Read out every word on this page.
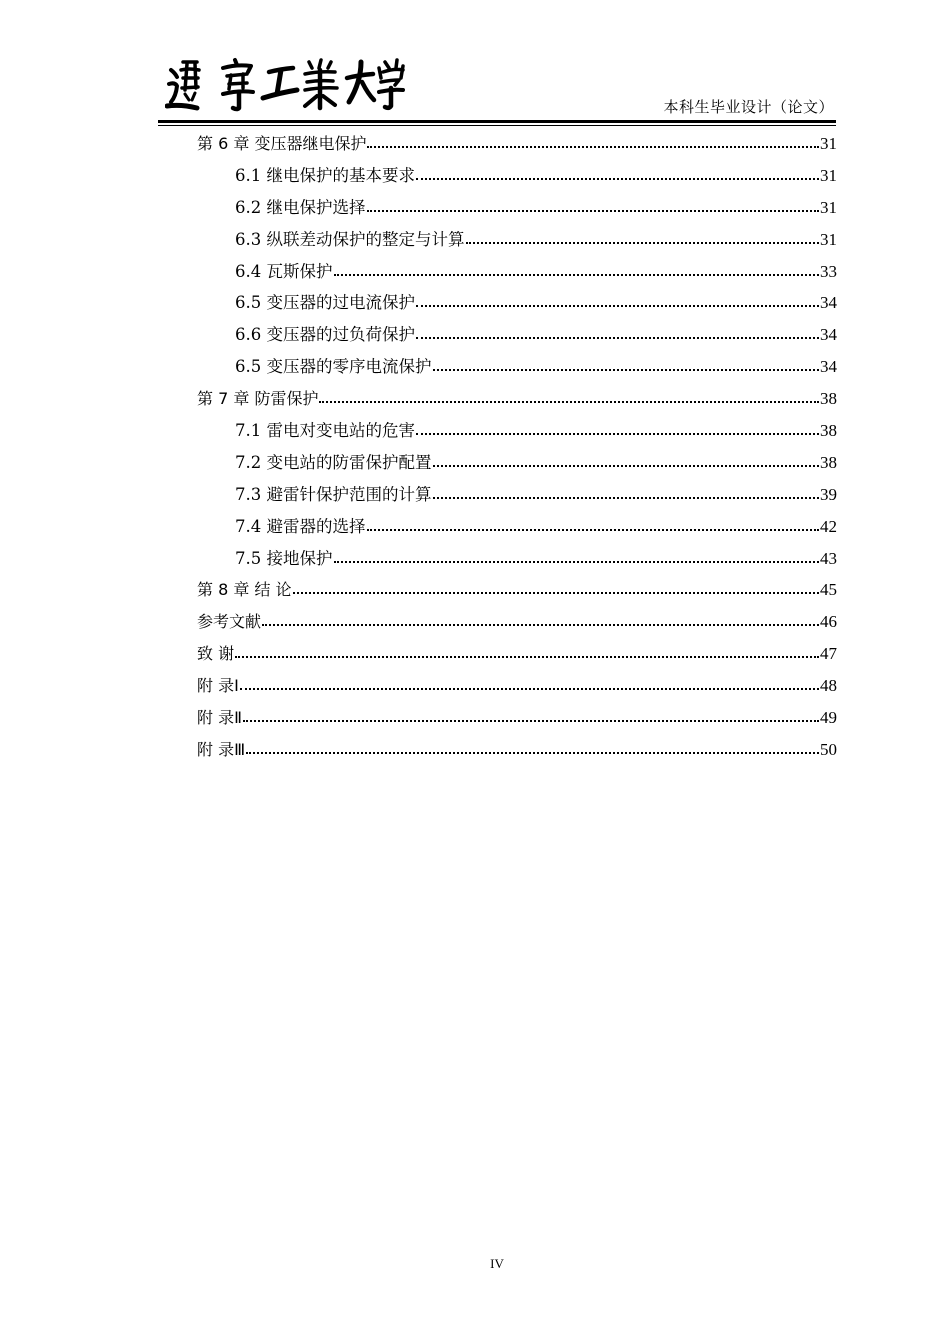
本科生毕业设计（论文）
第 6 章 变压器继电保护	31
6.1 继电保护的基本要求	31
6.2 继电保护选择	31
6.3 纵联差动保护的整定与计算	31
6.4 瓦斯保护	33
6.5 变压器的过电流保护	34
6.6 变压器的过负荷保护	34
6.5 变压器的零序电流保护	34
第 7 章 防雷保护	38
7.1 雷电对变电站的危害	38
7.2 变电站的防雷保护配置	38
7.3 避雷针保护范围的计算	39
7.4 避雷器的选择	42
7.5 接地保护	43
第 8 章 结 论	45
参考文献	46
致 谢	47
附 录Ⅰ	48
附 录Ⅱ	49
附 录Ⅲ	50
IV
